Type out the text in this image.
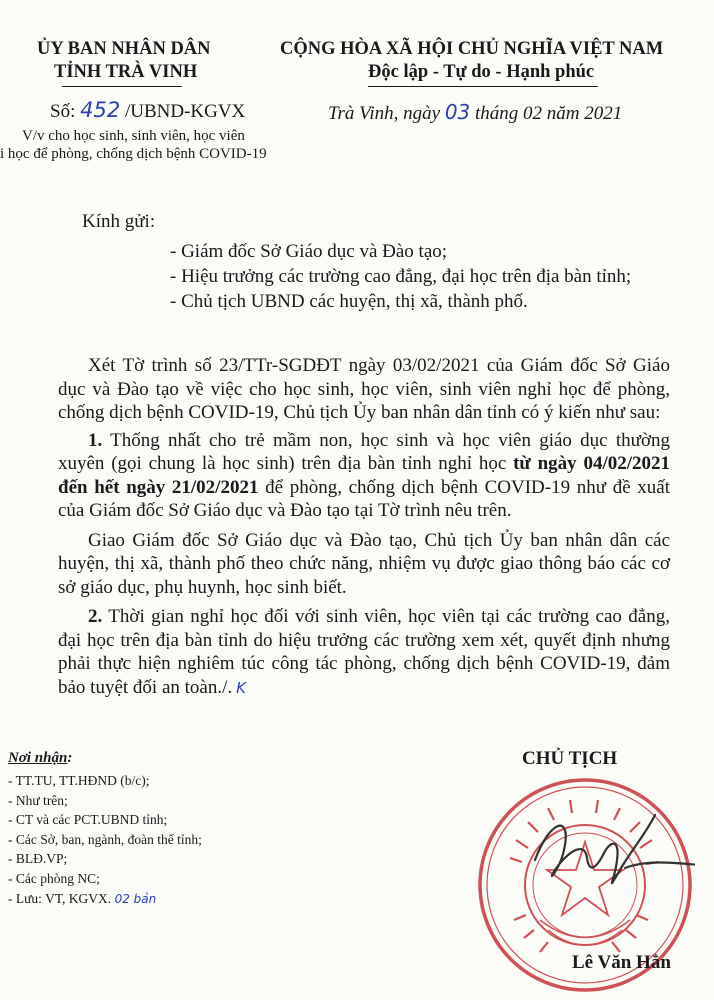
ỦY BAN NHÂN DÂN
TỈNH TRÀ VINH
CỘNG HÒA XÃ HỘI CHỦ NGHĨA VIỆT NAM
Độc lập - Tự do - Hạnh phúc
Số: 452 /UBND-KGVX	Trà Vinh, ngày 03 tháng 02 năm 2021
V/v cho học sinh, sinh viên, học viên
i học để phòng, chống dịch bệnh COVID-19
Kính gửi:
- Giám đốc Sở Giáo dục và Đào tạo;
- Hiệu trưởng các trường cao đẳng, đại học trên địa bàn tỉnh;
- Chủ tịch UBND các huyện, thị xã, thành phố.

Xét Tờ trình số 23/TTr-SGDĐT ngày 03/02/2021 của Giám đốc Sở Giáo dục và Đào tạo về việc cho học sinh, học viên, sinh viên nghỉ học để phòng, chống dịch bệnh COVID-19, Chủ tịch Ủy ban nhân dân tỉnh có ý kiến như sau:

1. Thống nhất cho trẻ mầm non, học sinh và học viên giáo dục thường xuyên (gọi chung là học sinh) trên địa bàn tỉnh nghỉ học từ ngày 04/02/2021 đến hết ngày 21/02/2021 để phòng, chống dịch bệnh COVID-19 như đề xuất của Giám đốc Sở Giáo dục và Đào tạo tại Tờ trình nêu trên.

Giao Giám đốc Sở Giáo dục và Đào tạo, Chủ tịch Ủy ban nhân dân các huyện, thị xã, thành phố theo chức năng, nhiệm vụ được giao thông báo các cơ sở giáo dục, phụ huynh, học sinh biết.

2. Thời gian nghỉ học đối với sinh viên, học viên tại các trường cao đẳng, đại học trên địa bàn tỉnh do hiệu trưởng các trường xem xét, quyết định nhưng phải thực hiện nghiêm túc công tác phòng, chống dịch bệnh COVID-19, đảm bảo tuyệt đối an toàn./. K

Nơi nhận:
- TT.TU, TT.HĐND (b/c);
- Như trên;
- CT và các PCT.UBND tỉnh;
- Các Sở, ban, ngành, đoàn thể tỉnh;
- BLĐ.VP;
- Các phòng NC;
- Lưu: VT, KGVX. 02 bản
CHỦ TỊCH
Lê Văn Hẳn
